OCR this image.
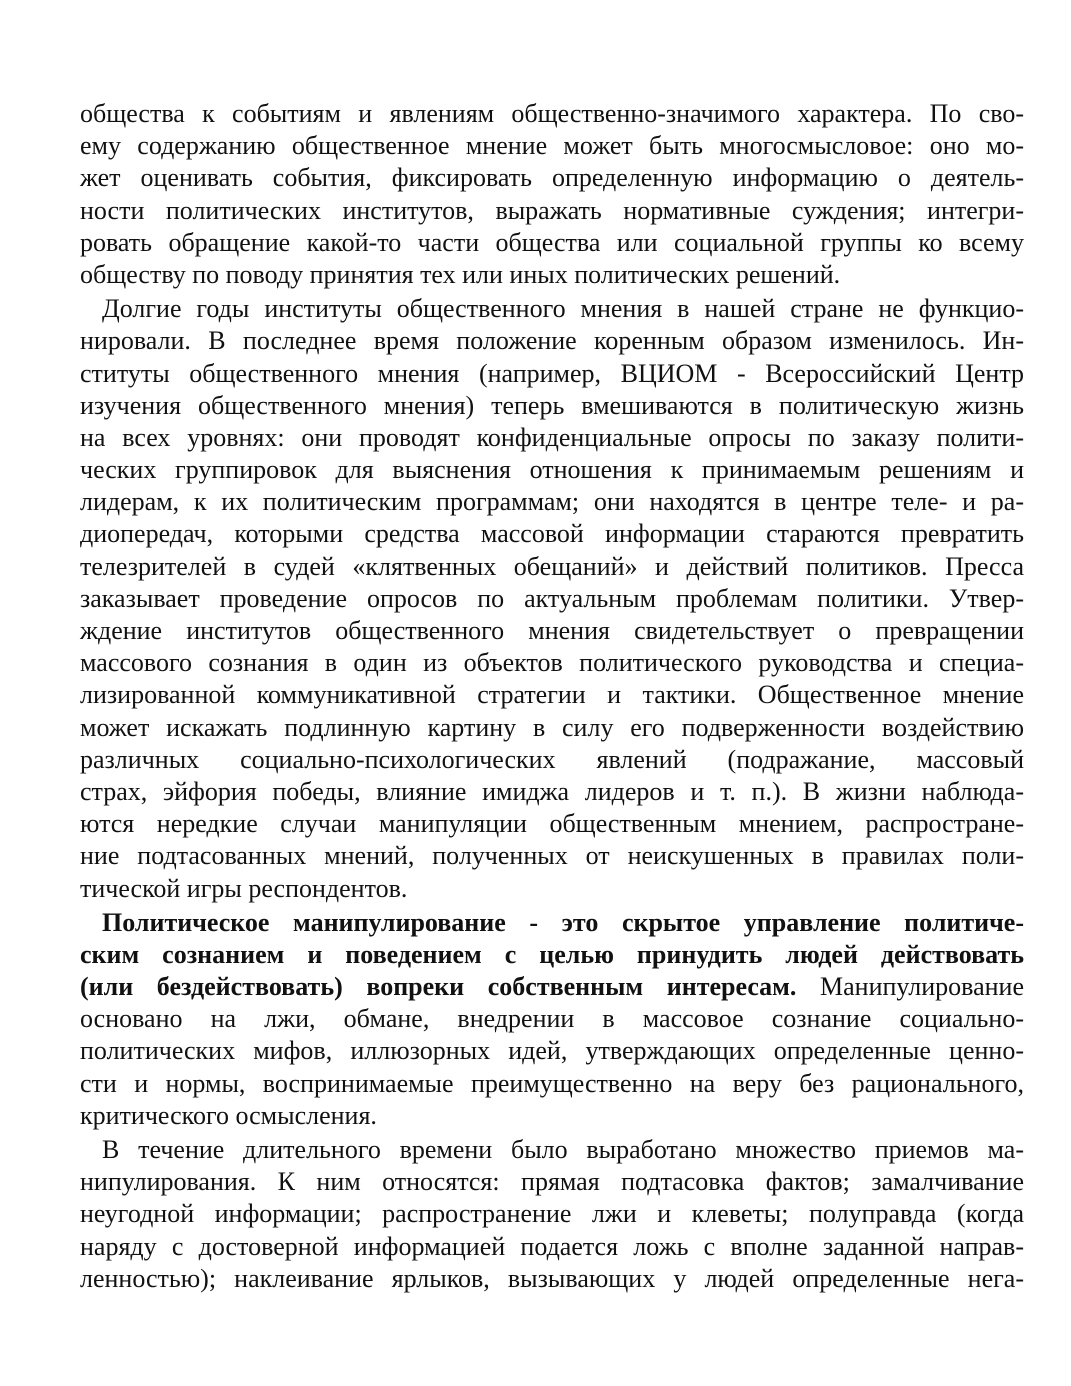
общества к событиям и явлениям общественно-значимого характера. По сво-
ему содержанию общественное мнение может быть многосмысловое: оно мо-
жет оценивать события, фиксировать определенную информацию о деятель-
ности политических институтов, выражать нормативные суждения; интегри-
ровать обращение какой-то части общества или социальной группы ко всему
обществу по поводу принятия тех или иных политических решений.
Долгие годы институты общественного мнения в нашей стране не функцио-
нировали. В последнее время положение коренным образом изменилось. Ин-
ституты общественного мнения (например, ВЦИОМ - Всероссийский Центр
изучения общественного мнения) теперь вмешиваются в политическую жизнь
на всех уровнях: они проводят конфиденциальные опросы по заказу полити-
ческих группировок для выяснения отношения к принимаемым решениям и
лидерам, к их политическим программам; они находятся в центре теле- и ра-
диопередач, которыми средства массовой информации стараются превратить
телезрителей в судей «клятвенных обещаний» и действий политиков. Пресса
заказывает проведение опросов по актуальным проблемам политики. Утвер-
ждение институтов общественного мнения свидетельствует о превращении
массового сознания в один из объектов политического руководства и специа-
лизированной коммуникативной стратегии и тактики. Общественное мнение
может искажать подлинную картину в силу его подверженности воздействию
различных социально-психологических явлений (подражание, массовый
страх, эйфория победы, влияние имиджа лидеров и т. п.). В жизни наблюда-
ются нередкие случаи манипуляции общественным мнением, распростране-
ние подтасованных мнений, полученных от неискушенных в правилах поли-
тической игры респондентов.
Политическое манипулирование - это скрытое управление политиче-
ским сознанием и поведением с целью принудить людей действовать
(или бездействовать) вопреки собственным интересам. Манипулирование
основано на лжи, обмане, внедрении в массовое сознание социально-
политических мифов, иллюзорных идей, утверждающих определенные ценно-
сти и нормы, воспринимаемые преимущественно на веру без рационального,
критического осмысления.
В течение длительного времени было выработано множество приемов ма-
нипулирования. К ним относятся: прямая подтасовка фактов; замалчивание
неугодной информации; распространение лжи и клеветы; полуправда (когда
наряду с достоверной информацией подается ложь с вполне заданной направ-
ленностью); наклеивание ярлыков, вызывающих у людей определенные нега-
